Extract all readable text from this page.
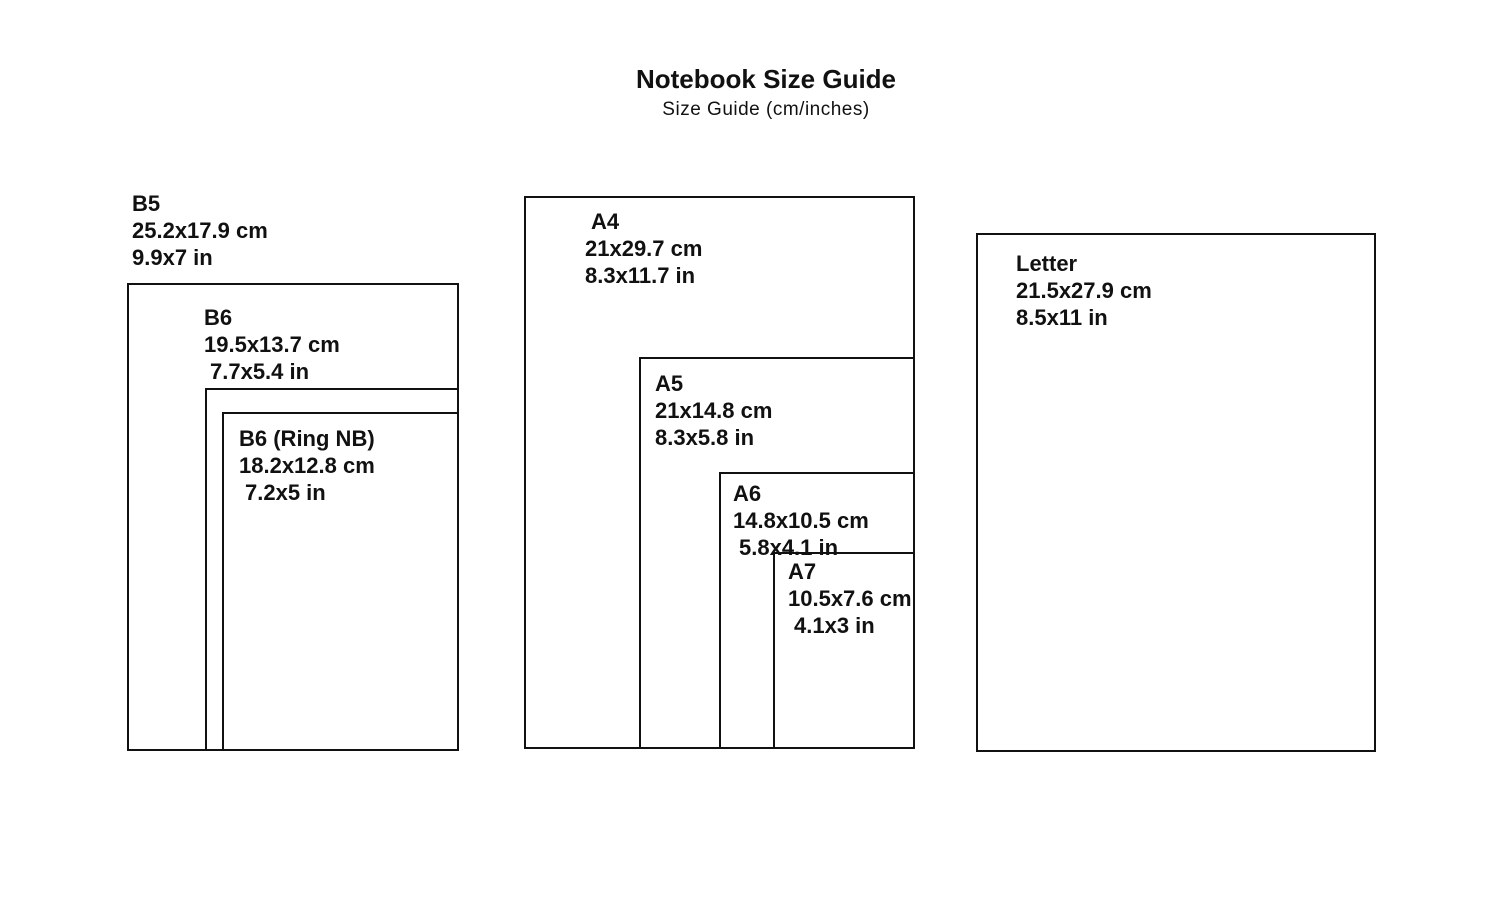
Notebook Size Guide
Size Guide (cm/inches)
B5
25.2x17.9 cm
9.9x7 in
B6
19.5x13.7 cm
7.7x5.4 in
B6 (Ring NB)
18.2x12.8 cm
7.2x5 in
A4
21x29.7 cm
8.3x11.7 in
A5
21x14.8 cm
8.3x5.8 in
A6
14.8x10.5 cm
5.8x4.1 in
A7
10.5x7.6 cm
4.1x3 in
Letter
21.5x27.9 cm
8.5x11 in
